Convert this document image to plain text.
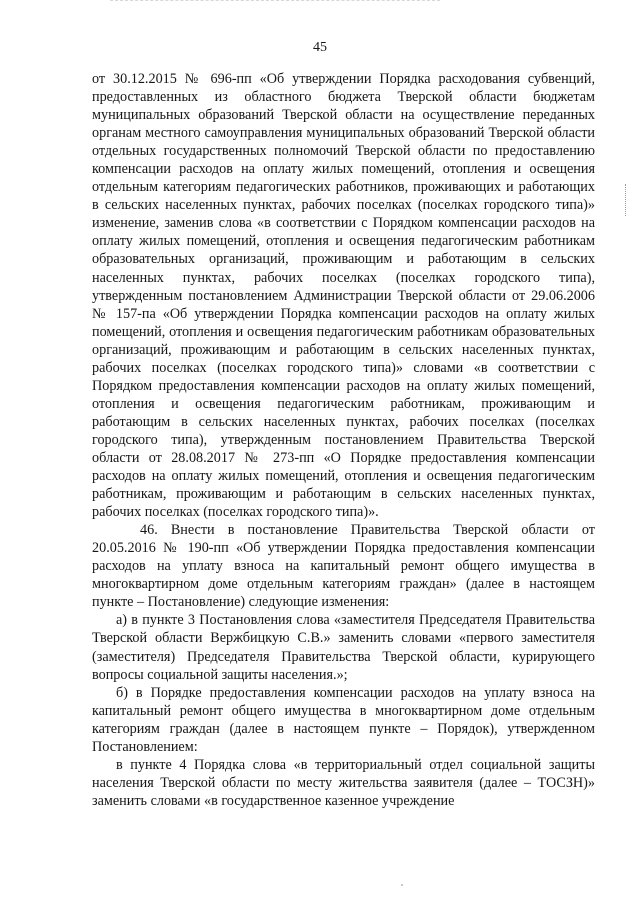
45

от 30.12.2015 № 696-пп «Об утверждении Порядка расходования субвенций, предоставленных из областного бюджета Тверской области бюджетам муниципальных образований Тверской области на осуществление переданных органам местного самоуправления муниципальных образований Тверской области отдельных государственных полномочий Тверской области по предоставлению компенсации расходов на оплату жилых помещений, отопления и освещения отдельным категориям педагогических работников, проживающих и работающих в сельских населенных пунктах, рабочих поселках (поселках городского типа)» изменение, заменив слова «в соответствии с Порядком компенсации расходов на оплату жилых помещений, отопления и освещения педагогическим работникам образовательных организаций, проживающим и работающим в сельских населенных пунктах, рабочих поселках (поселках городского типа), утвержденным постановлением Администрации Тверской области от 29.06.2006 № 157-па «Об утверждении Порядка компенсации расходов на оплату жилых помещений, отопления и освещения педагогическим работникам образовательных организаций, проживающим и работающим в сельских населенных пунктах, рабочих поселках (поселках городского типа)» словами «в соответствии с Порядком предоставления компенсации расходов на оплату жилых помещений, отопления и освещения педагогическим работникам, проживающим и работающим в сельских населенных пунктах, рабочих поселках (поселках городского типа), утвержденным постановлением Правительства Тверской области от 28.08.2017 № 273-пп «О Порядке предоставления компенсации расходов на оплату жилых помещений, отопления и освещения педагогическим работникам, проживающим и работающим в сельских населенных пунктах, рабочих поселках (поселках городского типа)».

46. Внести в постановление Правительства Тверской области от 20.05.2016 № 190-пп «Об утверждении Порядка предоставления компенсации расходов на уплату взноса на капитальный ремонт общего имущества в многоквартирном доме отдельным категориям граждан» (далее в настоящем пункте – Постановление) следующие изменения:

а) в пункте 3 Постановления слова «заместителя Председателя Правительства Тверской области Вержбицкую С.В.» заменить словами «первого заместителя (заместителя) Председателя Правительства Тверской области, курирующего вопросы социальной защиты населения.»;

б) в Порядке предоставления компенсации расходов на уплату взноса на капитальный ремонт общего имущества в многоквартирном доме отдельным категориям граждан (далее в настоящем пункте – Порядок), утвержденном Постановлением:

в пункте 4 Порядка слова «в территориальный отдел социальной защиты населения Тверской области по месту жительства заявителя (далее – ТОСЗН)» заменить словами «в государственное казенное учреждение
